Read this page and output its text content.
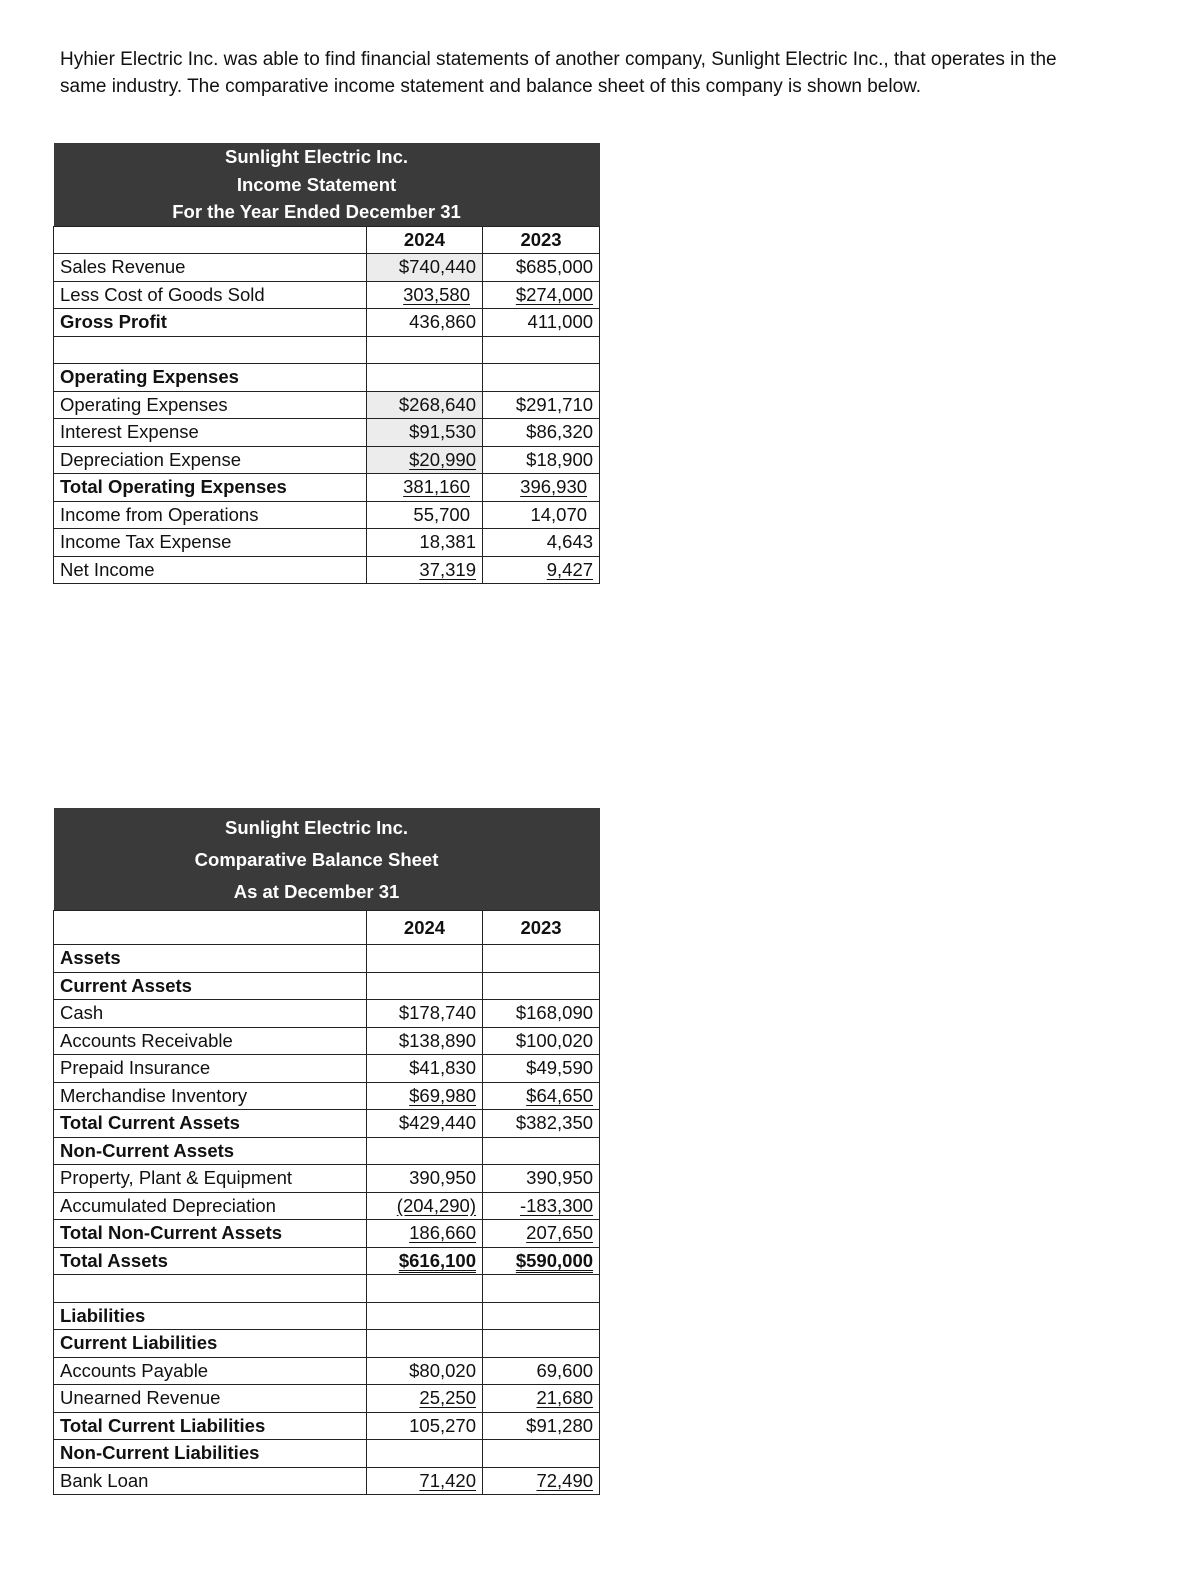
Hyhier Electric Inc. was able to find financial statements of another company, Sunlight Electric Inc., that operates in the same industry. The comparative income statement and balance sheet of this company is shown below.

Sunlight Electric Inc.
Income Statement
For the Year Ended December 31		

	2024	2023
Sales Revenue	$740,440	$685,000
Less Cost of Goods Sold	303,580	$274,000
Gross Profit	436,860	411,000

Operating Expenses		
Operating Expenses	$268,640	$291,710
Interest Expense	$91,530	$86,320
Depreciation Expense	$20,990	$18,900
Total Operating Expenses	381,160	396,930
Income from Operations	55,700	14,070
Income Tax Expense	18,381	4,643
Net Income	37,319	9,427
Sunlight Electric Inc.
Comparative Balance Sheet
As at December 31		

	2024	2023
Assets		
Current Assets		
Cash	$178,740	$168,090
Accounts Receivable	$138,890	$100,020
Prepaid Insurance	$41,830	$49,590
Merchandise Inventory	$69,980	$64,650
Total Current Assets	$429,440	$382,350
Non-Current Assets		
Property, Plant & Equipment	390,950	390,950
Accumulated Depreciation	(204,290)	-183,300
Total Non-Current Assets	186,660	207,650
Total Assets	$616,100	$590,000

Liabilities		
Current Liabilities		
Accounts Payable	$80,020	69,600
Unearned Revenue	25,250	21,680
Total Current Liabilities	105,270	$91,280
Non-Current Liabilities		
Bank Loan	71,420	72,490
